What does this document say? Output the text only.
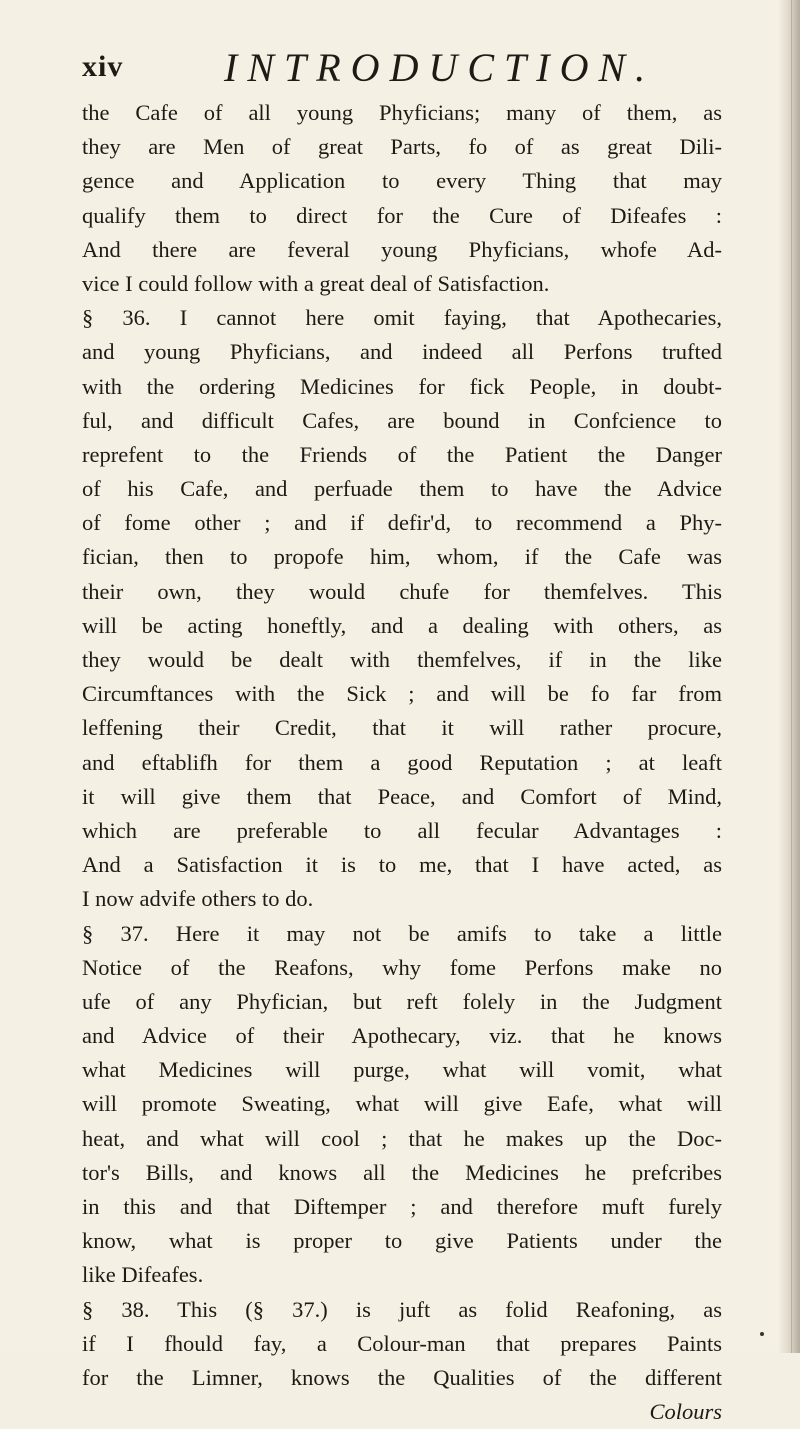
xiv	INTRODUCTION.
the Cafe of all young Phyficians; many of them, as
they are Men of great Parts, fo of as great Dili-
gence and Application to every Thing that may
qualify them to direct for the Cure of Difeafes :
And there are feveral young Phyficians, whofe Ad-
vice I could follow with a great deal of Satisfaction.
§ 36. I cannot here omit faying, that Apothecaries,
and young Phyficians, and indeed all Perfons trufted
with the ordering Medicines for fick People, in doubt-
ful, and difficult Cafes, are bound in Confcience to
reprefent to the Friends of the Patient the Danger
of his Cafe, and perfuade them to have the Advice
of fome other ; and if defir'd, to recommend a Phy-
fician, then to propofe him, whom, if the Cafe was
their own, they would chufe for themfelves. This
will be acting honeftly, and a dealing with others, as
they would be dealt with themfelves, if in the like
Circumftances with the Sick ; and will be fo far from
leffening their Credit, that it will rather procure,
and eftablifh for them a good Reputation ; at leaft
it will give them that Peace, and Comfort of Mind,
which are preferable to all fecular Advantages :
And a Satisfaction it is to me, that I have acted, as
I now advife others to do.
§ 37. Here it may not be amifs to take a little
Notice of the Reafons, why fome Perfons make no
ufe of any Phyfician, but reft folely in the Judgment
and Advice of their Apothecary, viz. that he knows
what Medicines will purge, what will vomit, what
will promote Sweating, what will give Eafe, what will
heat, and what will cool ; that he makes up the Doc-
tor's Bills, and knows all the Medicines he prefcribes
in this and that Diftemper ; and therefore muft furely
know, what is proper to give Patients under the
like Difeafes.
§ 38. This (§ 37.) is juft as folid Reafoning, as
if I fhould fay, a Colour-man that prepares Paints
for the Limner, knows the Qualities of the different
Colours
